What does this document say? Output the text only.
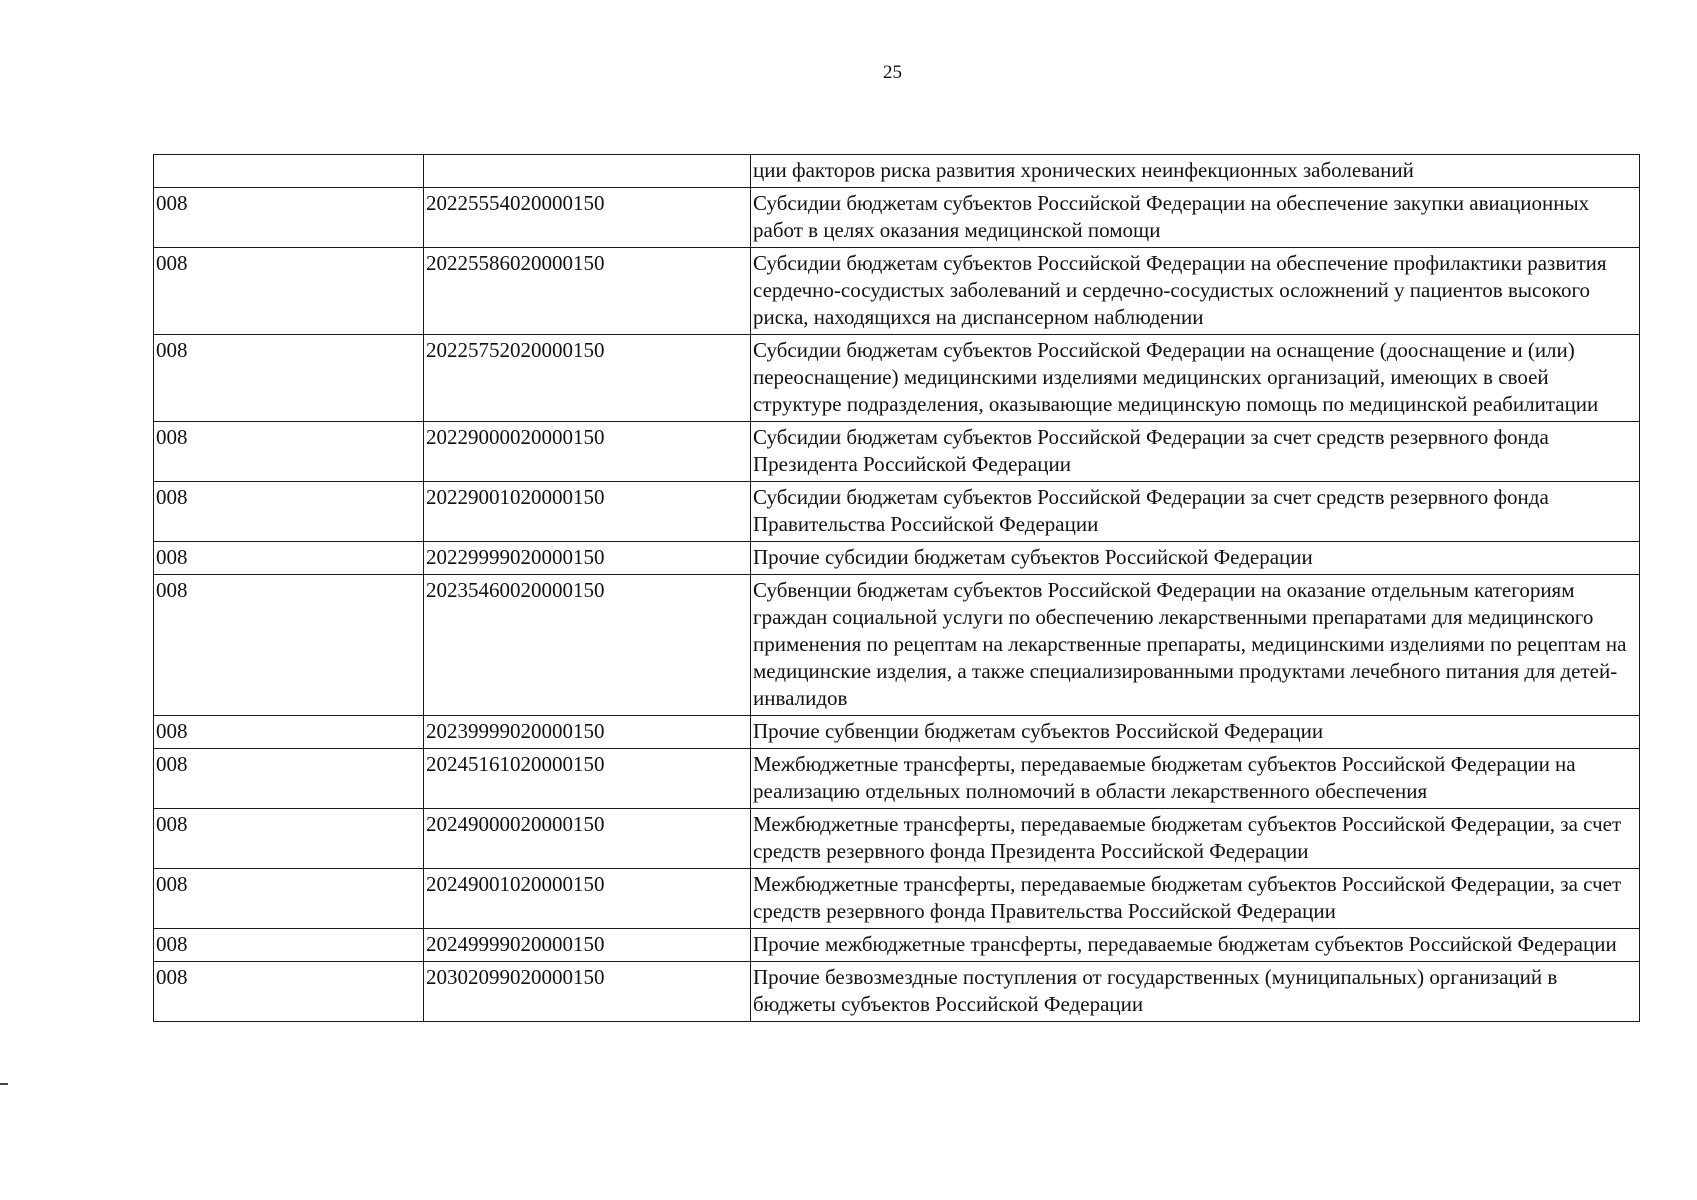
25
		ции факторов риска развития хронических неинфекционных заболеваний
008	20225554020000150	Субсидии бюджетам субъектов Российской Федерации на обеспечение закупки авиационных работ в целях оказания медицинской помощи
008	20225586020000150	Субсидии бюджетам субъектов Российской Федерации на обеспечение профилактики развития сердечно-сосудистых заболеваний и сердечно-сосудистых осложнений у пациентов высокого риска, находящихся на диспансерном наблюдении
008	20225752020000150	Субсидии бюджетам субъектов Российской Федерации на оснащение (дооснащение и (или) переоснащение) медицинскими изделиями медицинских организаций, имеющих в своей структуре подразделения, оказывающие медицинскую помощь по медицинской реабилитации
008	20229000020000150	Субсидии бюджетам субъектов Российской Федерации за счет средств резервного фонда Президента Российской Федерации
008	20229001020000150	Субсидии бюджетам субъектов Российской Федерации за счет средств резервного фонда Правительства Российской Федерации
008	20229999020000150	Прочие субсидии бюджетам субъектов Российской Федерации
008	20235460020000150	Субвенции бюджетам субъектов Российской Федерации на оказание отдельным категориям граждан социальной услуги по обеспечению лекарственными препаратами для медицинского применения по рецептам на лекарственные препараты, медицинскими изделиями по рецептам на медицинские изделия, а также специализированными продуктами лечебного питания для детей-инвалидов
008	20239999020000150	Прочие субвенции бюджетам субъектов Российской Федерации
008	20245161020000150	Межбюджетные трансферты, передаваемые бюджетам субъектов Российской Федерации на реализацию отдельных полномочий в области лекарственного обеспечения
008	20249000020000150	Межбюджетные трансферты, передаваемые бюджетам субъектов Российской Федерации, за счет средств резервного фонда Президента Российской Федерации
008	20249001020000150	Межбюджетные трансферты, передаваемые бюджетам субъектов Российской Федерации, за счет средств резервного фонда Правительства Российской Федерации
008	20249999020000150	Прочие межбюджетные трансферты, передаваемые бюджетам субъектов Российской Федерации
008	20302099020000150	Прочие безвозмездные поступления от государственных (муниципальных) организаций в бюджеты субъектов Российской Федерации
